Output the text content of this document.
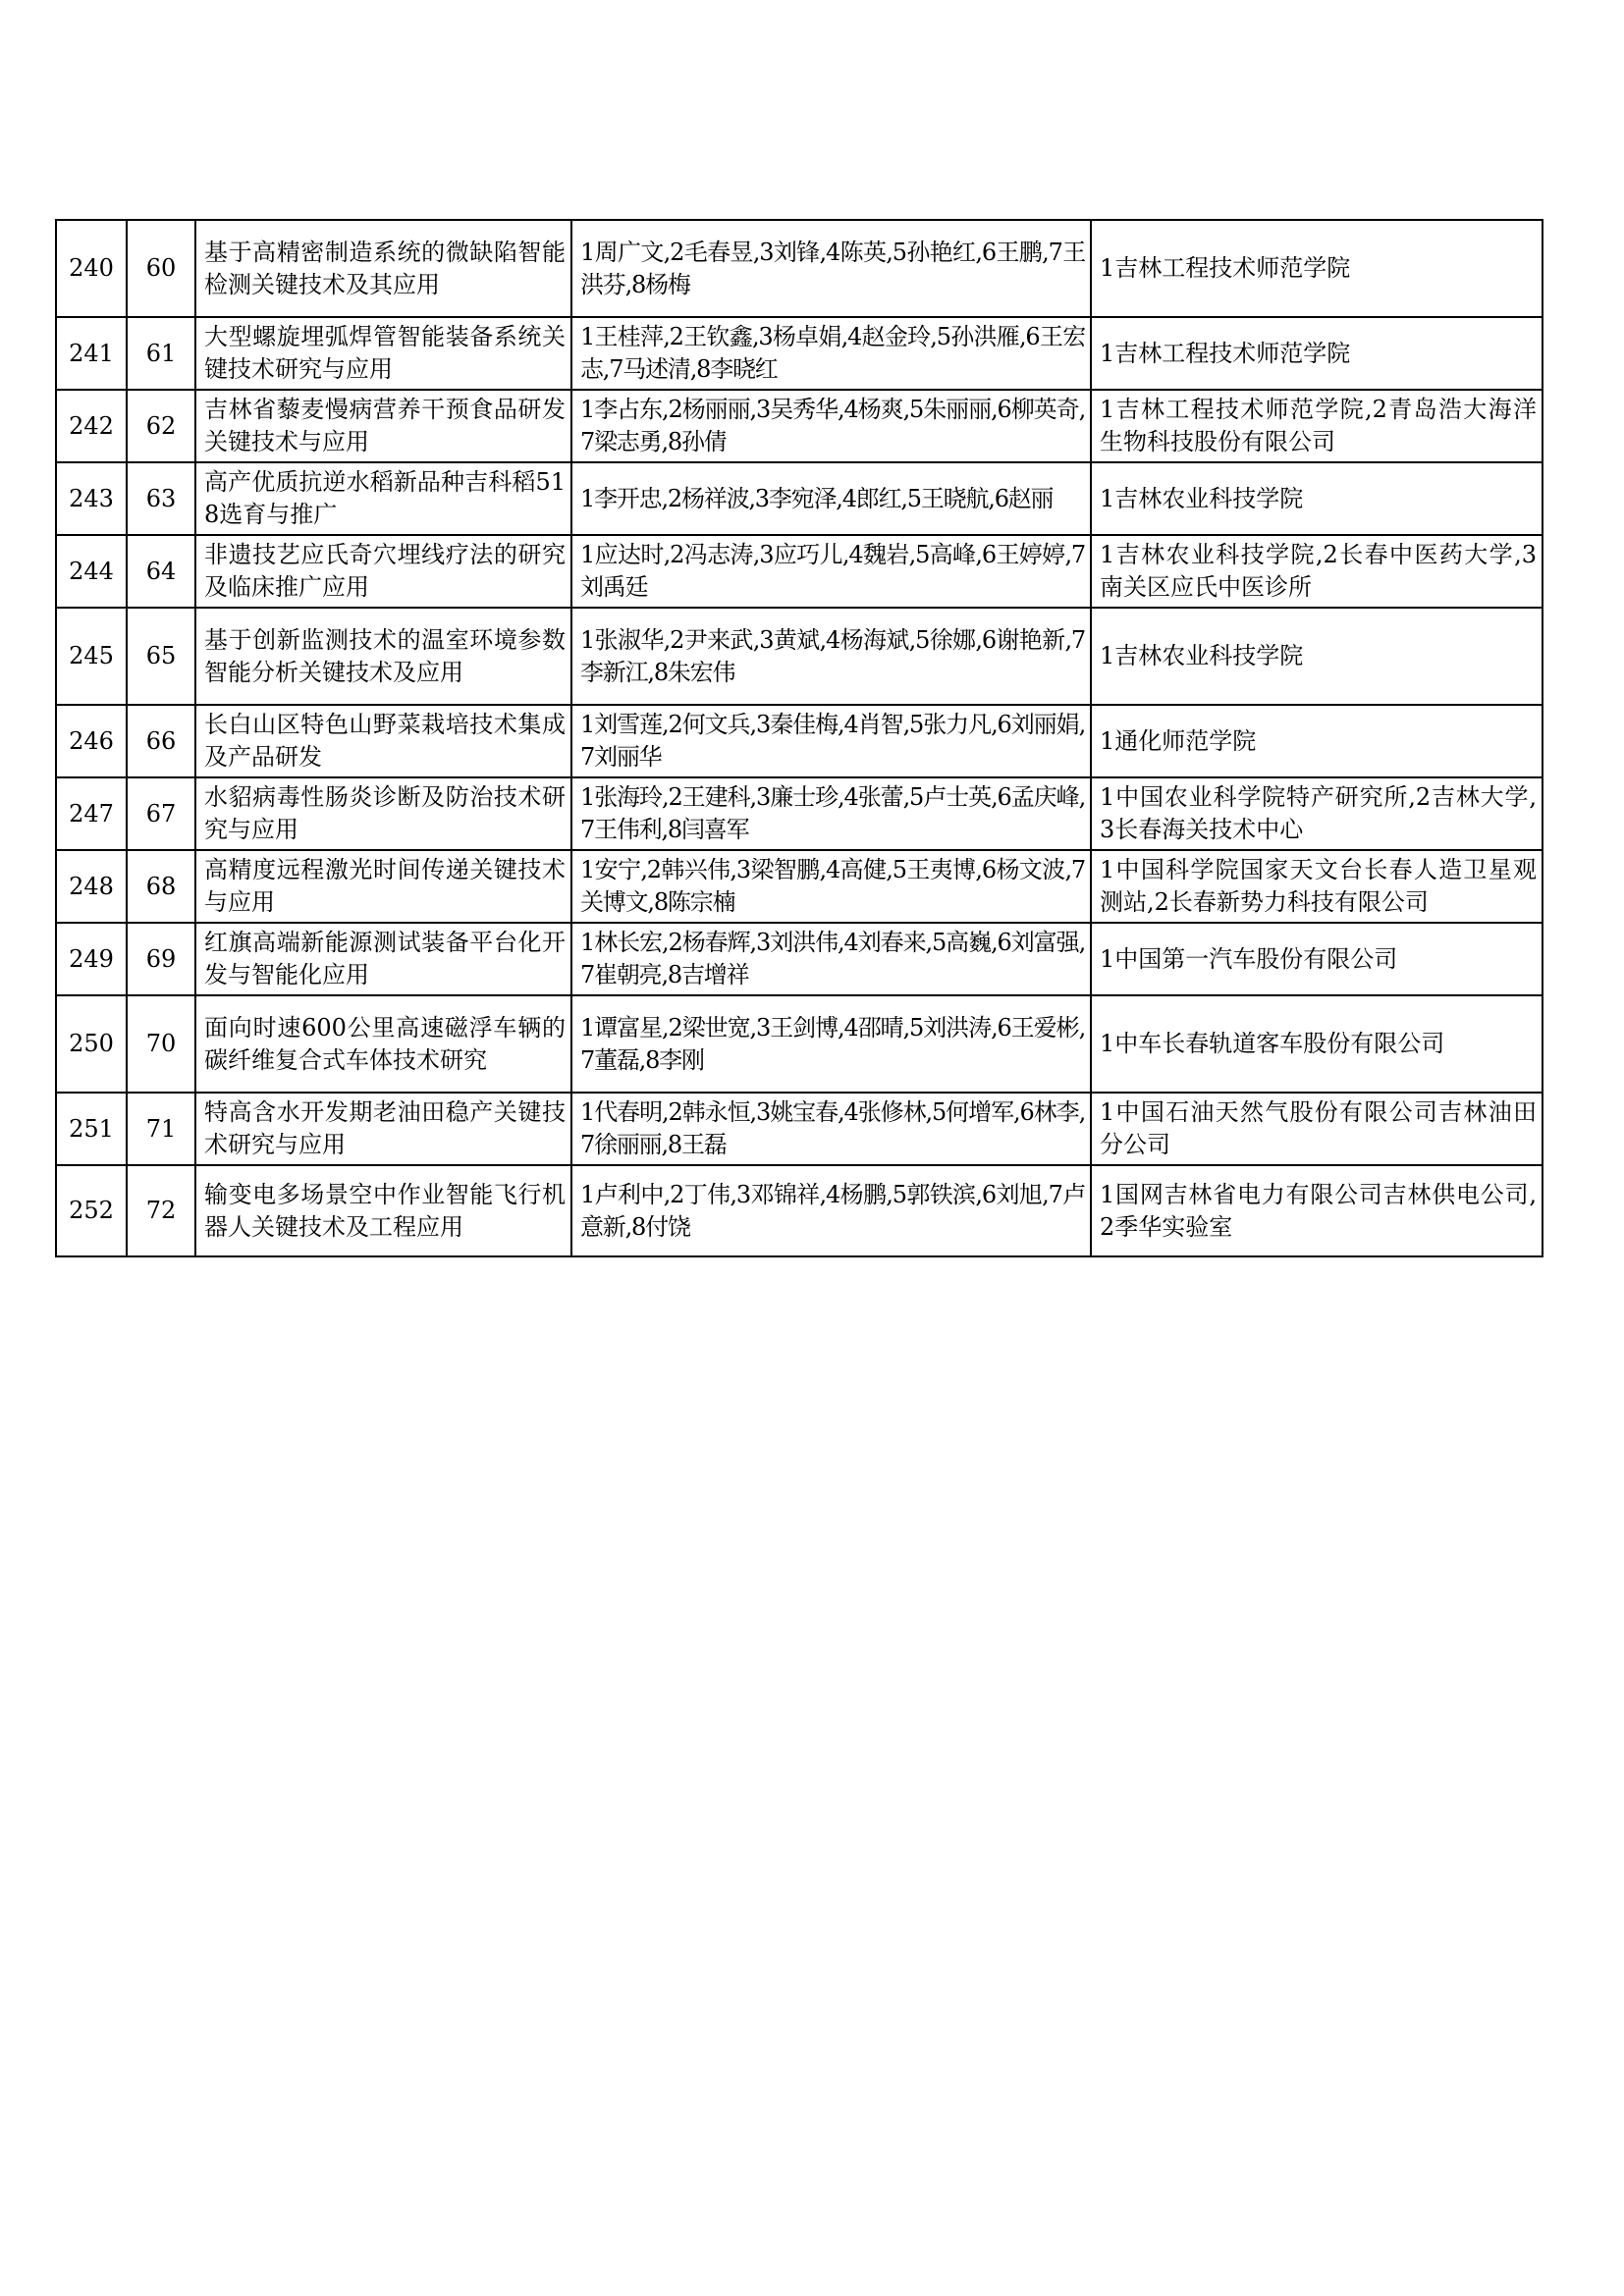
240	60	基于高精密制造系统的微缺陷智能检测关键技术及其应用	1周广文,2毛春昱,3刘锋,4陈英,5孙艳红,6王鹏,7王洪芬,8杨梅	1吉林工程技术师范学院
241	61	大型螺旋埋弧焊管智能装备系统关键技术研究与应用	1王桂萍,2王钦鑫,3杨卓娟,4赵金玲,5孙洪雁,6王宏志,7马述清,8李晓红	1吉林工程技术师范学院
242	62	吉林省藜麦慢病营养干预食品研发关键技术与应用	1李占东,2杨丽丽,3吴秀华,4杨爽,5朱丽丽,6柳英奇,7梁志勇,8孙倩	1吉林工程技术师范学院,2青岛浩大海洋生物科技股份有限公司
243	63	高产优质抗逆水稻新品种吉科稻518选育与推广	1李开忠,2杨祥波,3李宛泽,4郎红,5王晓航,6赵丽	1吉林农业科技学院
244	64	非遗技艺应氏奇穴埋线疗法的研究及临床推广应用	1应达时,2冯志涛,3应巧儿,4魏岩,5高峰,6王婷婷,7刘禹廷	1吉林农业科技学院,2长春中医药大学,3南关区应氏中医诊所
245	65	基于创新监测技术的温室环境参数智能分析关键技术及应用	1张淑华,2尹来武,3黄斌,4杨海斌,5徐娜,6谢艳新,7李新江,8朱宏伟	1吉林农业科技学院
246	66	长白山区特色山野菜栽培技术集成及产品研发	1刘雪莲,2何文兵,3秦佳梅,4肖智,5张力凡,6刘丽娟,7刘丽华	1通化师范学院
247	67	水貂病毒性肠炎诊断及防治技术研究与应用	1张海玲,2王建科,3廉士珍,4张蕾,5卢士英,6孟庆峰,7王伟利,8闫喜军	1中国农业科学院特产研究所,2吉林大学,3长春海关技术中心
248	68	高精度远程激光时间传递关键技术与应用	1安宁,2韩兴伟,3梁智鹏,4高健,5王夷博,6杨文波,7关博文,8陈宗楠	1中国科学院国家天文台长春人造卫星观测站,2长春新势力科技有限公司
249	69	红旗高端新能源测试装备平台化开发与智能化应用	1林长宏,2杨春辉,3刘洪伟,4刘春来,5高巍,6刘富强,7崔朝亮,8吉增祥	1中国第一汽车股份有限公司
250	70	面向时速600公里高速磁浮车辆的碳纤维复合式车体技术研究	1谭富星,2梁世宽,3王剑博,4邵晴,5刘洪涛,6王爱彬,7董磊,8李刚	1中车长春轨道客车股份有限公司
251	71	特高含水开发期老油田稳产关键技术研究与应用	1代春明,2韩永恒,3姚宝春,4张修林,5何增军,6林李,7徐丽丽,8王磊	1中国石油天然气股份有限公司吉林油田分公司
252	72	输变电多场景空中作业智能飞行机器人关键技术及工程应用	1卢利中,2丁伟,3邓锦祥,4杨鹏,5郭铁滨,6刘旭,7卢意新,8付饶	1国网吉林省电力有限公司吉林供电公司,2季华实验室
